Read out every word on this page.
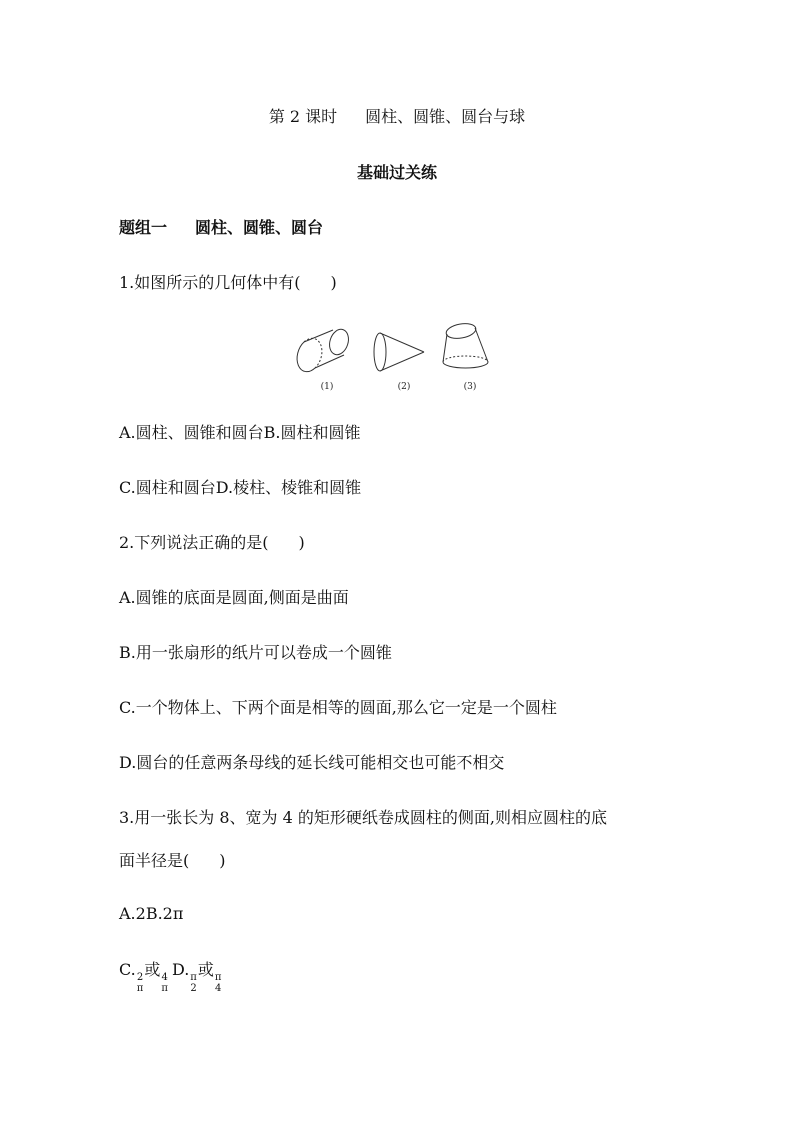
第 2 课时 圆柱、圆锥、圆台与球
基础过关练
题组一 圆柱、圆锥、圆台
1.如图所示的几何体中有( )
(1)	(2)	(3)
A.圆柱、圆锥和圆台B.圆柱和圆锥
C.圆柱和圆台D.棱柱、棱锥和圆锥
2.下列说法正确的是( )
A.圆锥的底面是圆面,侧面是曲面
B.用一张扇形的纸片可以卷成一个圆锥
C.一个物体上、下两个面是相等的圆面,那么它一定是一个圆柱
D.圆台的任意两条母线的延长线可能相交也可能不相交
3.用一张长为 8、宽为 4 的矩形硬纸卷成圆柱的侧面,则相应圆柱的底
面半径是( )
A.2B.2π
C. 2
π
或 4
π
D. π
2
或 π
4
